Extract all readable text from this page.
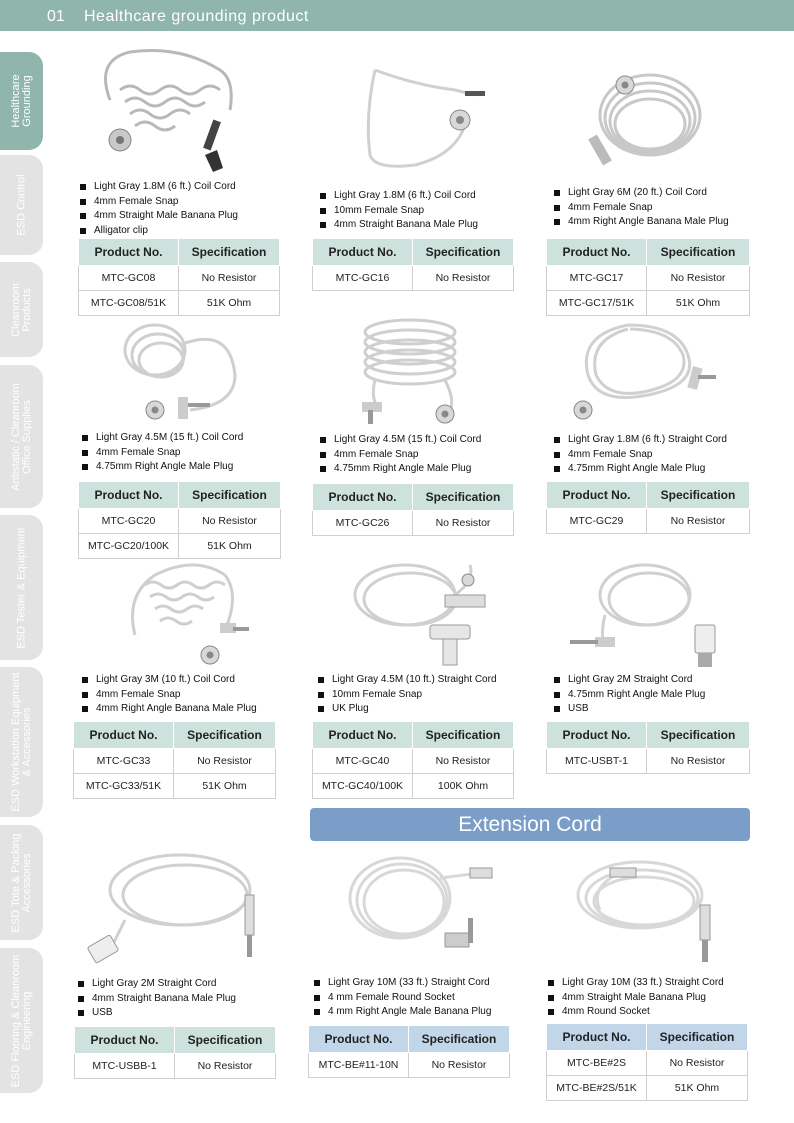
01 Healthcare grounding product
Healthcare Grounding
ESD Control
Cleanroom Products
Antistatic / Cleanroom Office Supplies
ESD Tester & Equipment
ESD Workstation Equipment & Accessories
ESD Tote & Packing Accessories
ESD Flooring & Cleanroom Engineering
Light Gray 1.8M (6 ft.) Coil Cord
4mm Female Snap
4mm Straight Male Banana Plug
Alligator clip
Product No.	Specification
MTC-GC08	No Resistor
MTC-GC08/51K	51K Ohm
Light Gray 1.8M (6 ft.) Coil Cord
10mm Female Snap
4mm Straight Banana Male Plug
Product No.	Specification
MTC-GC16	No Resistor
Light Gray 6M (20 ft.) Coil Cord
4mm Female Snap
4mm Right Angle Banana Male Plug
Product No.	Specification
MTC-GC17	No Resistor
MTC-GC17/51K	51K Ohm
Light Gray 4.5M (15 ft.) Coil Cord
4mm Female Snap
4.75mm Right Angle Male Plug
Product No.	Specification
MTC-GC20	No Resistor
MTC-GC20/100K	51K Ohm
Light Gray 4.5M (15 ft.) Coil Cord
4mm Female Snap
4.75mm Right Angle Male Plug
Product No.	Specification
MTC-GC26	No Resistor
Light Gray 1.8M (6 ft.) Straight Cord
4mm Female Snap
4.75mm Right Angle Male Plug
Product No.	Specification
MTC-GC29	No Resistor
Light Gray 3M (10 ft.) Coil Cord
4mm Female Snap
4mm Right Angle Banana Male Plug
Product No.	Specification
MTC-GC33	No Resistor
MTC-GC33/51K	51K Ohm
Light Gray 4.5M (10 ft.) Straight Cord
10mm Female Snap
UK Plug
Product No.	Specification
MTC-GC40	No Resistor
MTC-GC40/100K	100K Ohm
Light Gray 2M Straight Cord
4.75mm Right Angle Male Plug
USB
Product No.	Specification
MTC-USBT-1	No Resistor
Extension Cord
Light Gray 2M Straight Cord
4mm Straight Banana Male Plug
USB
Product No.	Specification
MTC-USBB-1	No Resistor
Light Gray 10M (33 ft.) Straight Cord
4 mm Female Round Socket
4 mm Right Angle Male Banana Plug
Product No.	Specification
MTC-BE#11-10N	No Resistor
Light Gray 10M (33 ft.) Straight Cord
4mm Straight Male Banana Plug
4mm Round Socket
Product No.	Specification
MTC-BE#2S	No Resistor
MTC-BE#2S/51K	51K Ohm
